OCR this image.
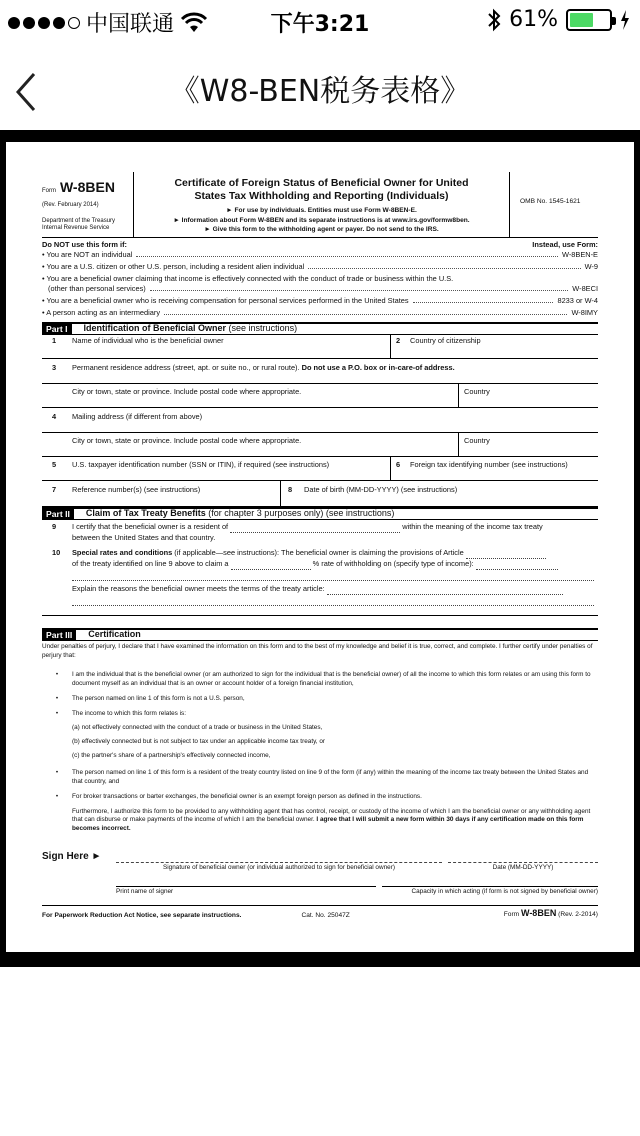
中国联通	下午3:21	61%
《W8-BEN税务表格》
Form W-8BEN
(Rev. February 2014)
Department of the Treasury
Internal Revenue Service
Certificate of Foreign Status of Beneficial Owner for United
States Tax Withholding and Reporting (Individuals)
► For use by individuals. Entities must use Form W-8BEN-E.
► Information about Form W-8BEN and its separate instructions is at www.irs.gov/formw8ben.
► Give this form to the withholding agent or payer. Do not send to the IRS.
OMB No. 1545-1621
Do NOT use this form if:	Instead, use Form:
• You are NOT an individual	W-8BEN-E
• You are a U.S. citizen or other U.S. person, including a resident alien individual	W-9
• You are a beneficial owner claiming that income is effectively connected with the conduct of trade or business within the U.S.
(other than personal services)	W-8ECI
• You are a beneficial owner who is receiving compensation for personal services performed in the United States	8233 or W-4
• A person acting as an intermediary	W-8IMY
Part I	Identification of Beneficial Owner
(see instructions)
1 Name of individual who is the beneficial owner	2 Country of citizenship
3 Permanent residence address (street, apt. or suite no., or rural route). Do not use a P.O. box or in-care-of address.
City or town, state or province. Include postal code where appropriate.	Country
4 Mailing address (if different from above)
City or town, state or province. Include postal code where appropriate.	Country
5 U.S. taxpayer identification number (SSN or ITIN), if required (see instructions)	6 Foreign tax identifying number (see instructions)
7 Reference number(s) (see instructions)	8 Date of birth (MM-DD-YYYY) (see instructions)
Part II	Claim of Tax Treaty Benefits
(for chapter 3 purposes only) (see instructions)
9 I certify that the beneficial owner is a resident of	within the meaning of the income tax treaty
between the United States and that country.
10 Special rates and conditions (if applicable—see instructions): The beneficial owner is claiming the provisions of Article
of the treaty identified on line 9 above to claim a	% rate of withholding on (specify type of income):
Explain the reasons the beneficial owner meets the terms of the treaty article:
Part III	Certification
Under penalties of perjury, I declare that I have examined the information on this form and to the best of my knowledge and belief it is true, correct, and complete. I further certify under penalties of perjury that:
•	I am the individual that is the beneficial owner (or am authorized to sign for the individual that is the beneficial owner) of all the income to which this form relates or am using this form to document myself as an individual that is an owner or account holder of a foreign financial institution,
•	The person named on line 1 of this form is not a U.S. person,
•	The income to which this form relates is:
(a) not effectively connected with the conduct of a trade or business in the United States,
(b) effectively connected but is not subject to tax under an applicable income tax treaty, or
(c) the partner's share of a partnership's effectively connected income,
•	The person named on line 1 of this form is a resident of the treaty country listed on line 9 of the form (if any) within the meaning of the income tax treaty between the United States and that country, and
•	For broker transactions or barter exchanges, the beneficial owner is an exempt foreign person as defined in the instructions.
Furthermore, I authorize this form to be provided to any withholding agent that has control, receipt, or custody of the income of which I am the beneficial owner or any withholding agent that can disburse or make payments of the income of which I am the beneficial owner. I agree that I will submit a new form within 30 days if any certification made on this form becomes incorrect.
Sign Here ►
Signature of beneficial owner (or individual authorized to sign for beneficial owner)	Date (MM-DD-YYYY)
Print name of signer	Capacity in which acting (if form is not signed by beneficial owner)
For Paperwork Reduction Act Notice, see separate instructions.	Cat. No. 25047Z	Form W-8BEN (Rev. 2-2014)
